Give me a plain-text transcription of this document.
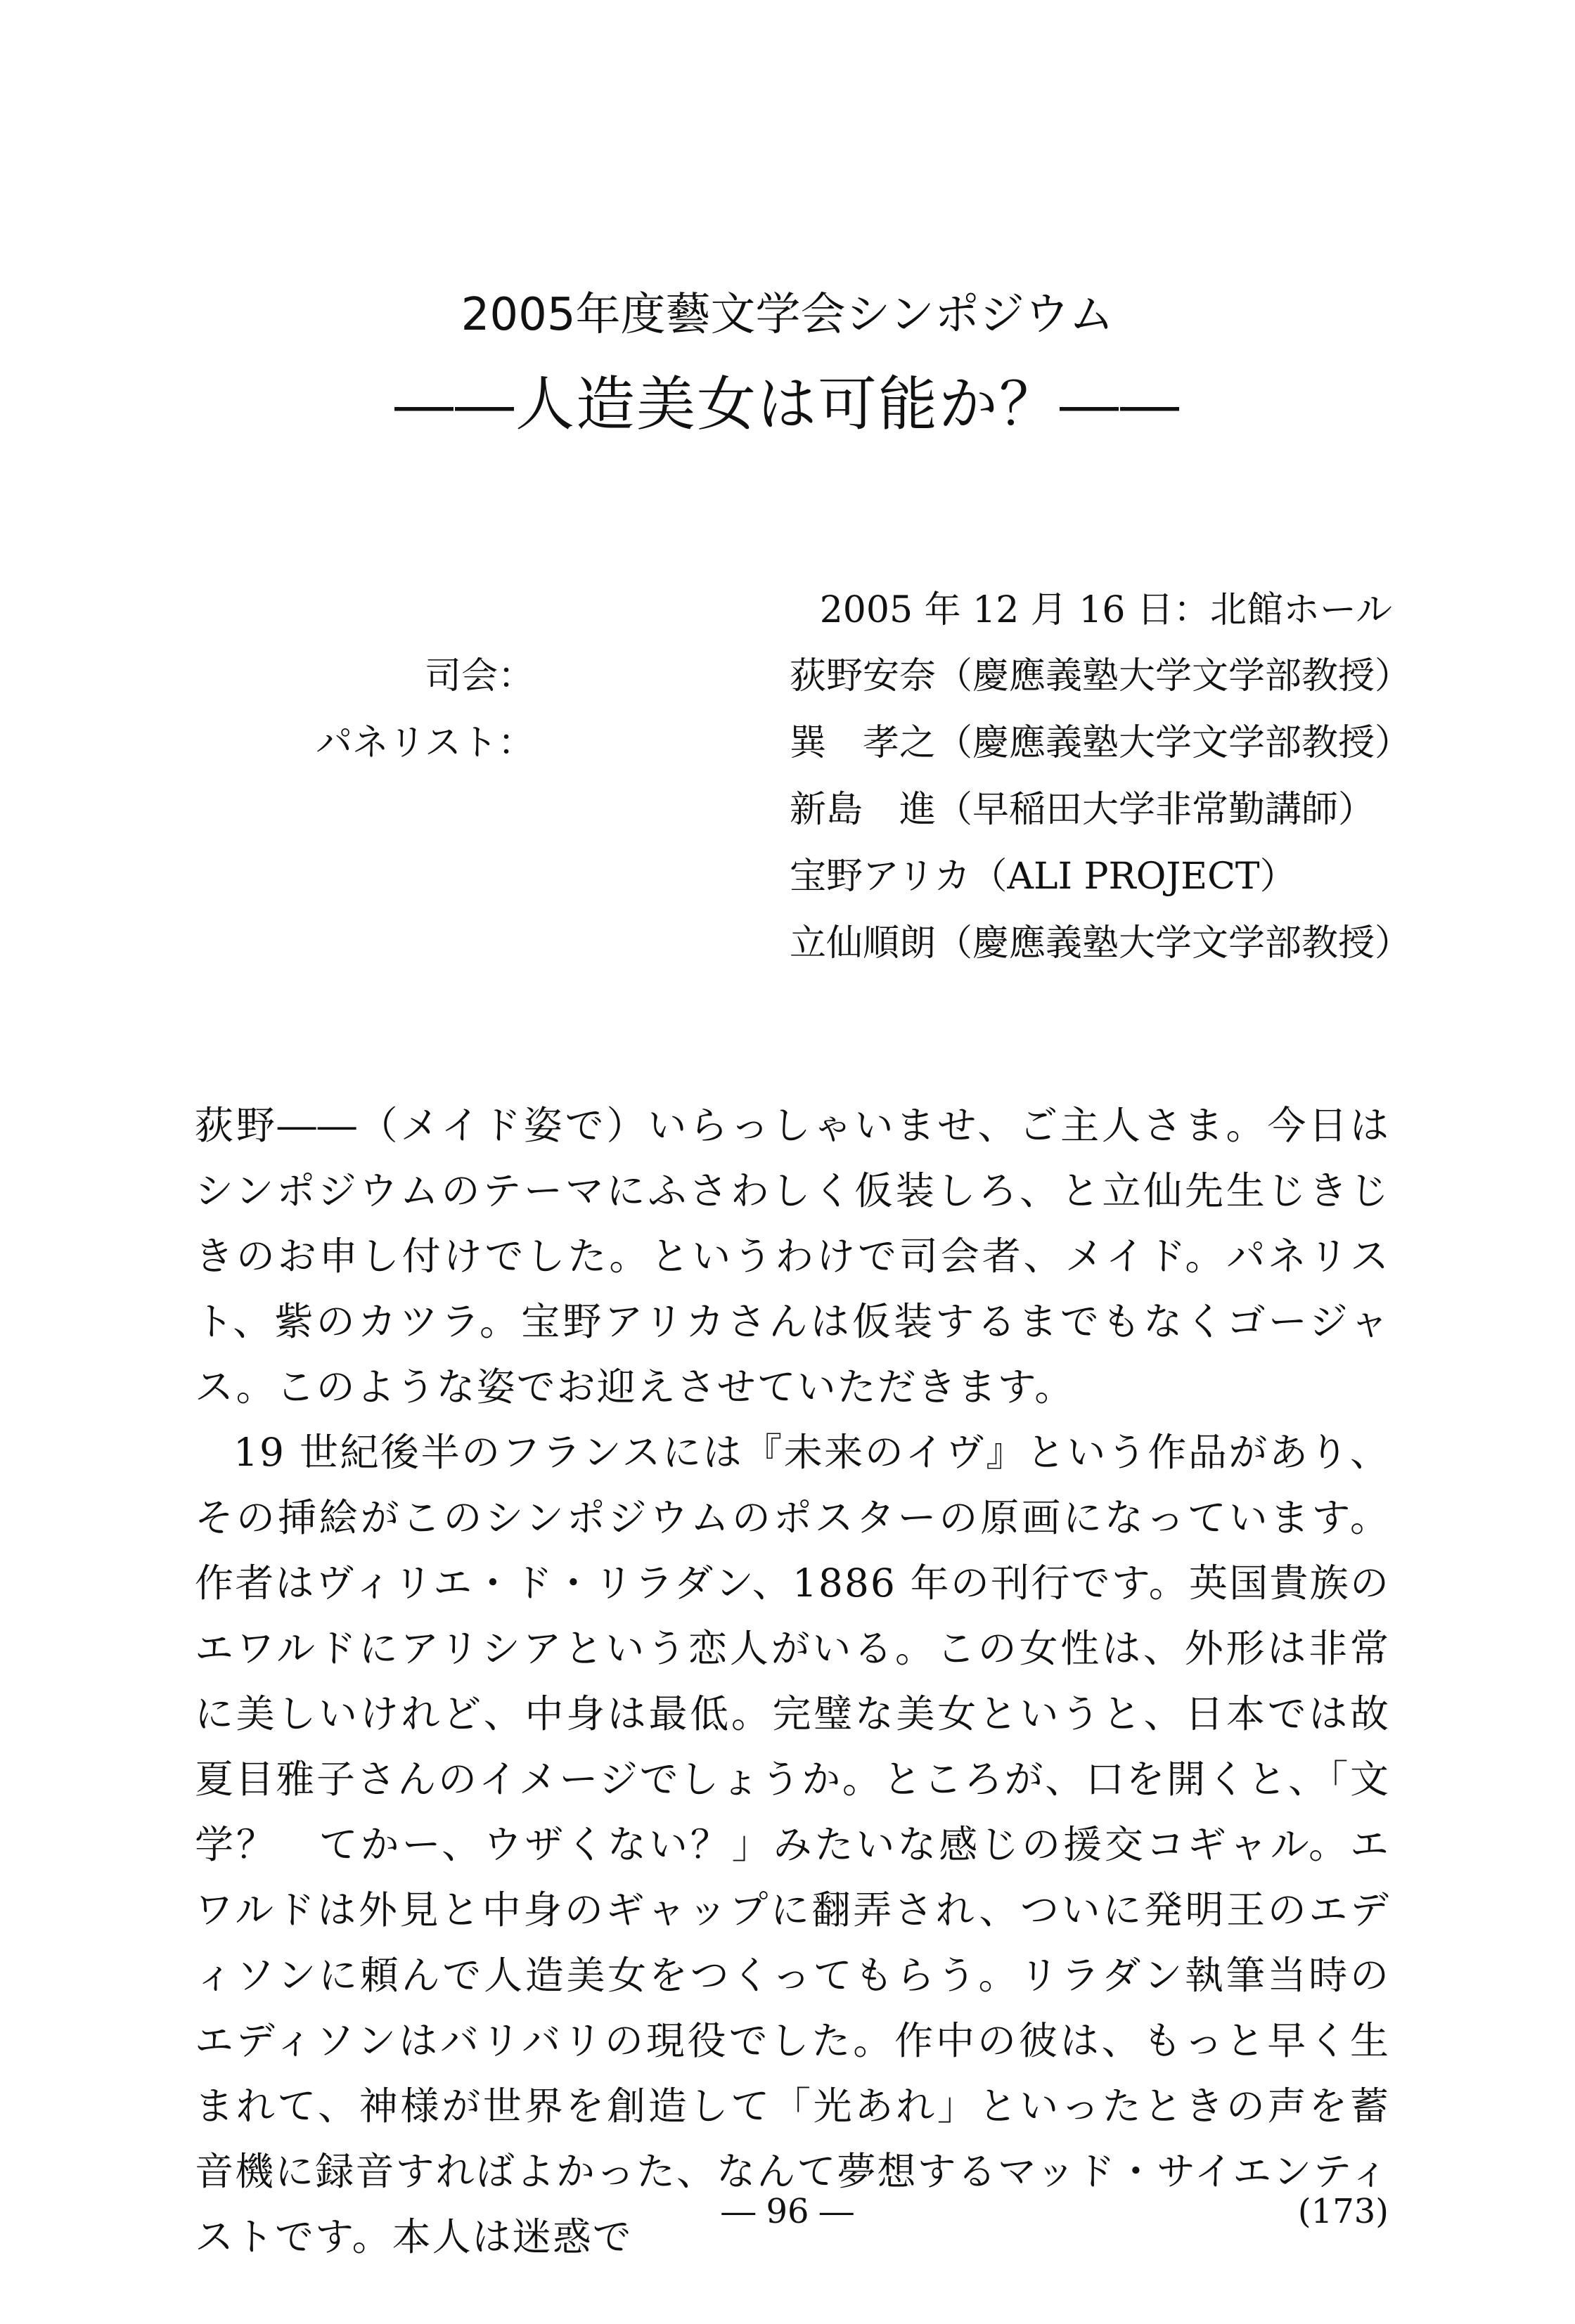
2005年度藝文学会シンポジウム
――人造美女は可能か？――
2005 年 12 月 16 日：北館ホール
司会：	荻野安奈（慶應義塾大学文学部教授）
パネリスト：	巽　孝之（慶應義塾大学文学部教授）
新島　進（早稲田大学非常勤講師）
宝野アリカ（ALI PROJECT）
立仙順朗（慶應義塾大学文学部教授）

荻野――（メイド姿で）いらっしゃいませ、ご主人さま。今日はシンポジウムのテーマにふさわしく仮装しろ、と立仙先生じきじきのお申し付けでした。というわけで司会者、メイド。パネリスト、紫のカツラ。宝野アリカさんは仮装するまでもなくゴージャス。このような姿でお迎えさせていただきます。

19 世紀後半のフランスには『未来のイヴ』という作品があり、その挿絵がこのシンポジウムのポスターの原画になっています。作者はヴィリエ・ド・リラダン、1886 年の刊行です。英国貴族のエワルドにアリシアという恋人がいる。この女性は、外形は非常に美しいけれど、中身は最低。完璧な美女というと、日本では故夏目雅子さんのイメージでしょうか。ところが、口を開くと、「文学？　てかー、ウザくない？」みたいな感じの援交コギャル。エワルドは外見と中身のギャップに翻弄され、ついに発明王のエディソンに頼んで人造美女をつくってもらう。リラダン執筆当時のエディソンはバリバリの現役でした。作中の彼は、もっと早く生まれて、神様が世界を創造して「光あれ」といったときの声を蓄音機に録音すればよかった、なんて夢想するマッド・サイエンティストです。本人は迷惑で

― 96 ―	(173)
